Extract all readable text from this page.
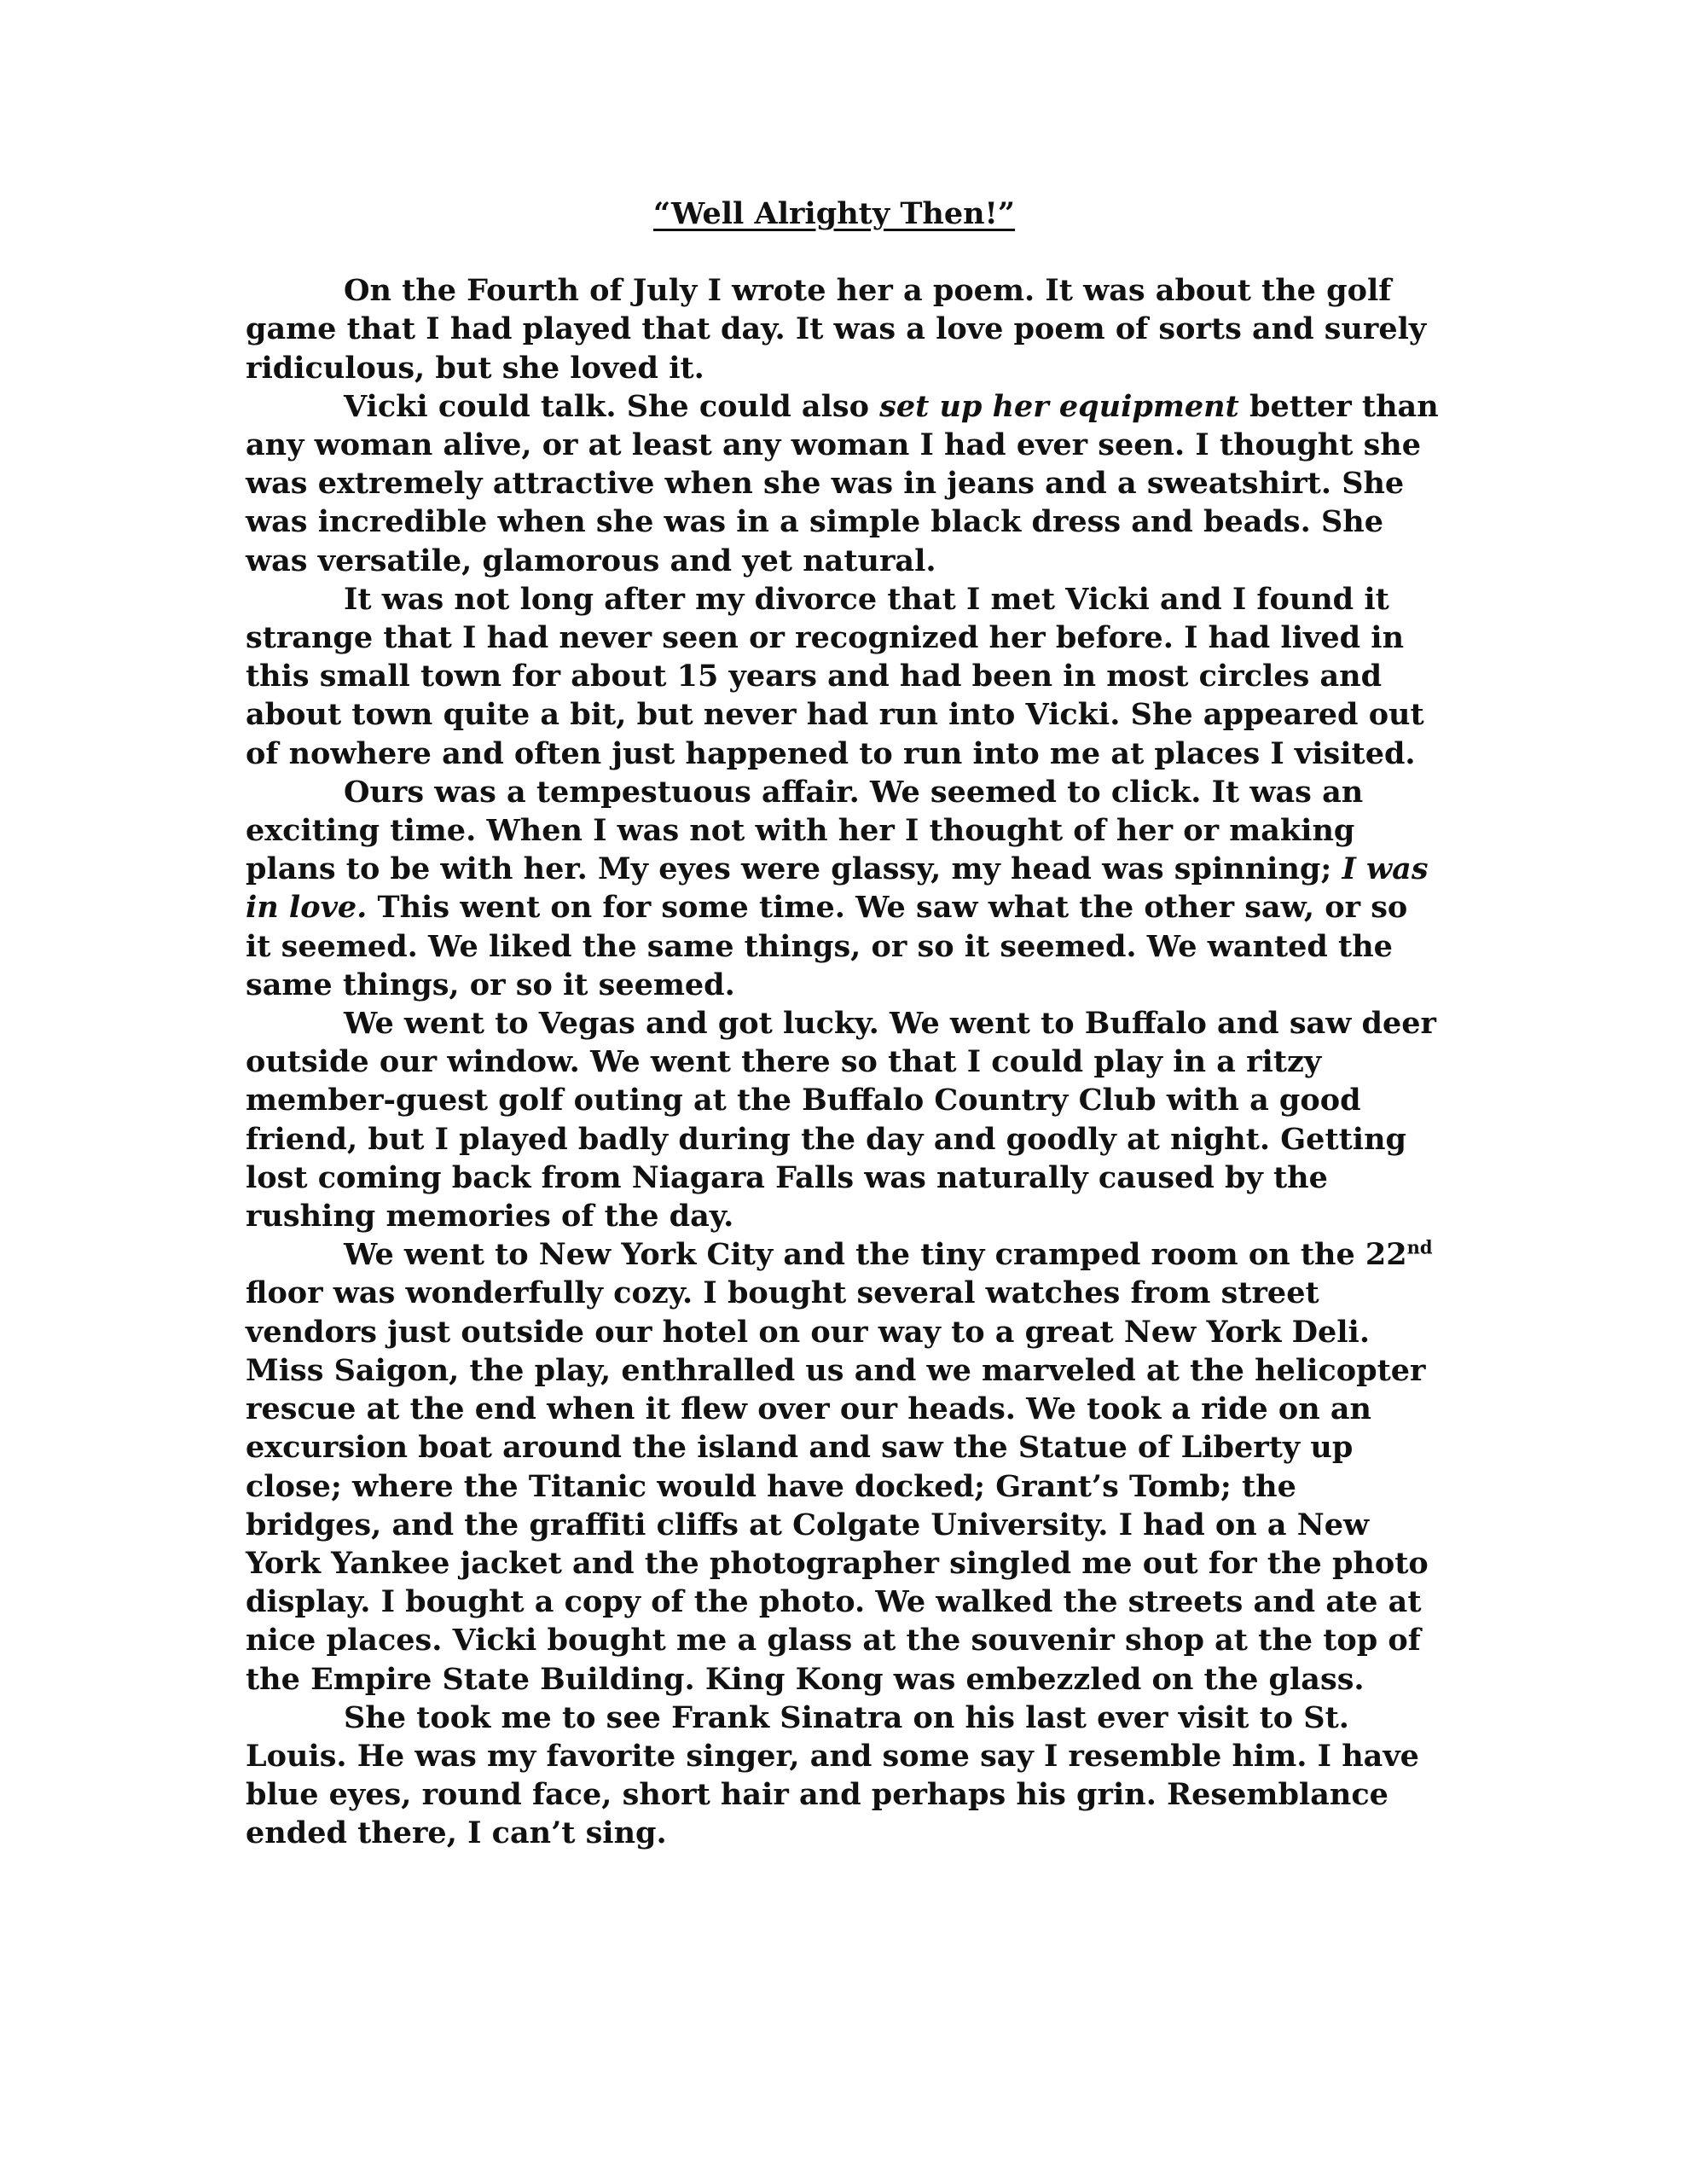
“Well Alrighty Then!”

On the Fourth of July I wrote her a poem. It was about the golf game that I had played that day. It was a love poem of sorts and surely ridiculous, but she loved it.

Vicki could talk. She could also set up her equipment better than any woman alive, or at least any woman I had ever seen. I thought she was extremely attractive when she was in jeans and a sweatshirt. She was incredible when she was in a simple black dress and beads. She was versatile, glamorous and yet natural.

It was not long after my divorce that I met Vicki and I found it strange that I had never seen or recognized her before. I had lived in this small town for about 15 years and had been in most circles and about town quite a bit, but never had run into Vicki. She appeared out of nowhere and often just happened to run into me at places I visited.

Ours was a tempestuous affair. We seemed to click. It was an exciting time. When I was not with her I thought of her or making plans to be with her. My eyes were glassy, my head was spinning; I was in love. This went on for some time. We saw what the other saw, or so it seemed. We liked the same things, or so it seemed. We wanted the same things, or so it seemed.

We went to Vegas and got lucky. We went to Buffalo and saw deer outside our window. We went there so that I could play in a ritzy member-guest golf outing at the Buffalo Country Club with a good friend, but I played badly during the day and goodly at night. Getting lost coming back from Niagara Falls was naturally caused by the rushing memories of the day.

We went to New York City and the tiny cramped room on the 22nd floor was wonderfully cozy. I bought several watches from street vendors just outside our hotel on our way to a great New York Deli. Miss Saigon, the play, enthralled us and we marveled at the helicopter rescue at the end when it flew over our heads. We took a ride on an excursion boat around the island and saw the Statue of Liberty up close; where the Titanic would have docked; Grant’s Tomb; the bridges, and the graffiti cliffs at Colgate University. I had on a New York Yankee jacket and the photographer singled me out for the photo display. I bought a copy of the photo. We walked the streets and ate at nice places. Vicki bought me a glass at the souvenir shop at the top of the Empire State Building. King Kong was embezzled on the glass.

She took me to see Frank Sinatra on his last ever visit to St. Louis. He was my favorite singer, and some say I resemble him. I have blue eyes, round face, short hair and perhaps his grin. Resemblance ended there, I can’t sing.
